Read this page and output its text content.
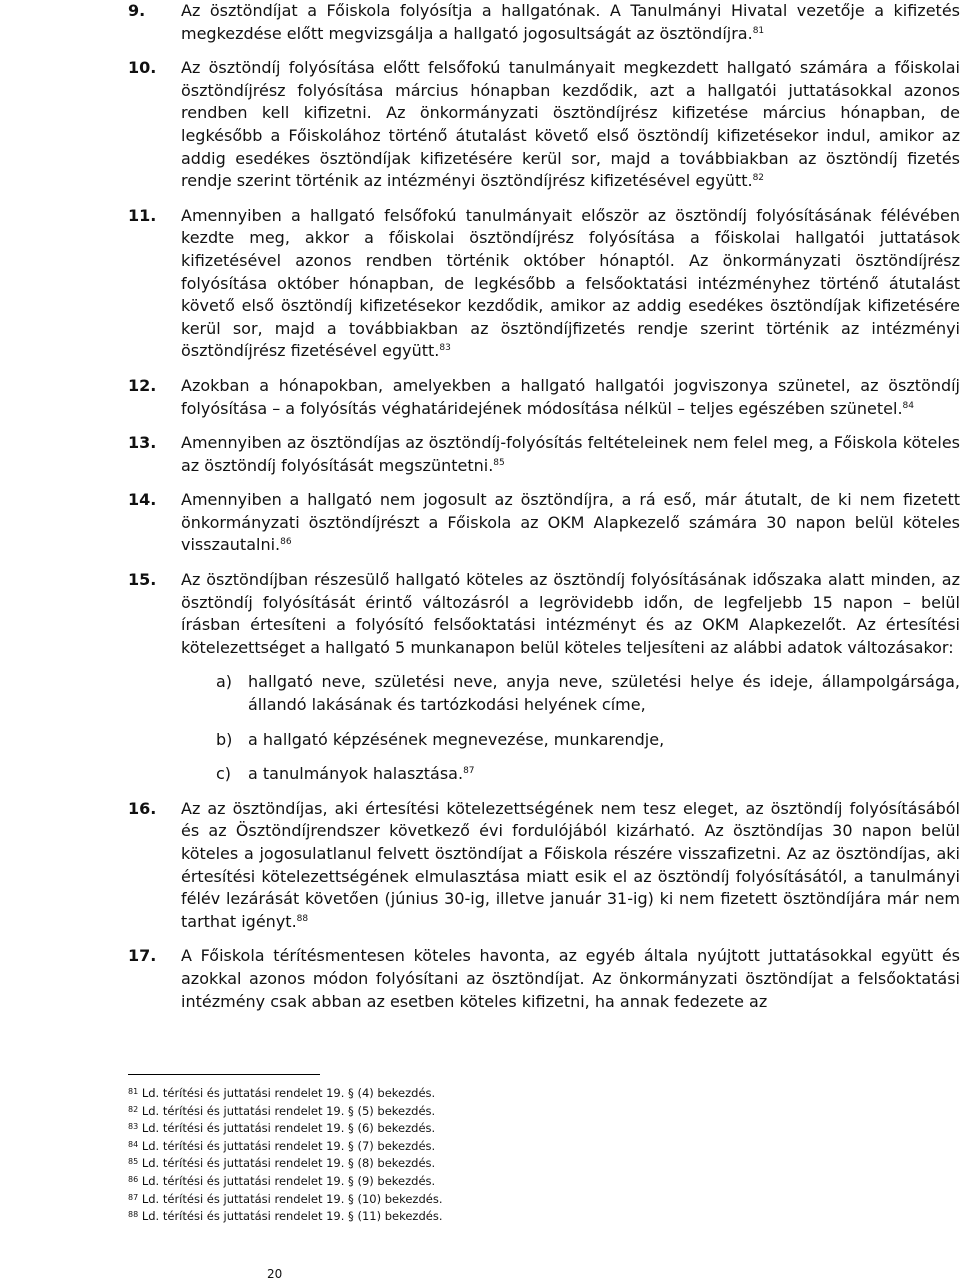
9. Az ösztöndíjat a Főiskola folyósítja a hallgatónak. A Tanulmányi Hivatal vezetője a kifizetés megkezdése előtt megvizsgálja a hallgató jogosultságát az ösztöndíjra.$^{81}$
10. Az ösztöndíj folyósítása előtt felsőfokú tanulmányait megkezdett hallgató számára a főiskolai ösztöndíjrész folyósítása március hónapban kezdődik, azt a hallgatói juttatásokkal azonos rendben kell kifizetni. Az önkormányzati ösztöndíjrész kifizetése március hónapban, de legkésőbb a Főiskolához történő átutalást követő első ösztöndíj kifizetésekor indul, amikor az addig esedékes ösztöndíjak kifizetésére kerül sor, majd a továbbiakban az ösztöndíj fizetés rendje szerint történik az intézményi ösztöndíjrész kifizetésével együtt.$^{82}$
11. Amennyiben a hallgató felsőfokú tanulmányait először az ösztöndíj folyósításának félévében kezdte meg, akkor a főiskolai ösztöndíjrész folyósítása a főiskolai hallgatói juttatások kifizetésével azonos rendben történik október hónaptól. Az önkormányzati ösztöndíjrész folyósítása október hónapban, de legkésőbb a felsőoktatási intézményhez történő átutalást követő első ösztöndíj kifizetésekor kezdődik, amikor az addig esedékes ösztöndíjak kifizetésére kerül sor, majd a továbbiakban az ösztöndíjfizetés rendje szerint történik az intézményi ösztöndíjrész fizetésével együtt.$^{83}$
12. Azokban a hónapokban, amelyekben a hallgató hallgatói jogviszonya szünetel, az ösztöndíj folyósítása – a folyósítás véghatáridejének módosítása nélkül – teljes egészében szünetel.$^{84}$
13. Amennyiben az ösztöndíjas az ösztöndíj-folyósítás feltételeinek nem felel meg, a Főiskola köteles az ösztöndíj folyósítását megszüntetni.$^{85}$
14. Amennyiben a hallgató nem jogosult az ösztöndíjra, a rá eső, már átutalt, de ki nem fizetett önkormányzati ösztöndíjrészt a Főiskola az OKM Alapkezelő számára 30 napon belül köteles visszautalni.$^{86}$
15. Az ösztöndíjban részesülő hallgató köteles az ösztöndíj folyósításának időszaka alatt minden, az ösztöndíj folyósítását érintő változásról a legrövidebb időn, de legfeljebb 15 napon – belül írásban értesíteni a folyósító felsőoktatási intézményt és az OKM Alapkezelőt. Az értesítési kötelezettséget a hallgató 5 munkanapon belül köteles teljesíteni az alábbi adatok változásakor:
a) hallgató neve, születési neve, anyja neve, születési helye és ideje, állampolgársága, állandó lakásának és tartózkodási helyének címe,
b) a hallgató képzésének megnevezése, munkarendje,
c) a tanulmányok halasztása.$^{87}$
16. Az az ösztöndíjas, aki értesítési kötelezettségének nem tesz eleget, az ösztöndíj folyósításából és az Ösztöndíjrendszer következő évi fordulójából kizárható. Az ösztöndíjas 30 napon belül köteles a jogosulatlanul felvett ösztöndíjat a Főiskola részére visszafizetni. Az az ösztöndíjas, aki értesítési kötelezettségének elmulasztása miatt esik el az ösztöndíj folyósításától, a tanulmányi félév lezárását követően (június 30-ig, illetve január 31-ig) ki nem fizetett ösztöndíjára már nem tarthat igényt.$^{88}$
17. A Főiskola térítésmentesen köteles havonta, az egyéb általa nyújtott juttatásokkal együtt és azokkal azonos módon folyósítani az ösztöndíjat. Az önkormányzati ösztöndíjat a felsőoktatási intézmény csak abban az esetben köteles kifizetni, ha annak fedezete az
$^{81}$ Ld. térítési és juttatási rendelet 19. § (4) bekezdés.
$^{82}$ Ld. térítési és juttatási rendelet 19. § (5) bekezdés.
$^{83}$ Ld. térítési és juttatási rendelet 19. § (6) bekezdés.
$^{84}$ Ld. térítési és juttatási rendelet 19. § (7) bekezdés.
$^{85}$ Ld. térítési és juttatási rendelet 19. § (8) bekezdés.
$^{86}$ Ld. térítési és juttatási rendelet 19. § (9) bekezdés.
$^{87}$ Ld. térítési és juttatási rendelet 19. § (10) bekezdés.
$^{88}$ Ld. térítési és juttatási rendelet 19. § (11) bekezdés.
20
